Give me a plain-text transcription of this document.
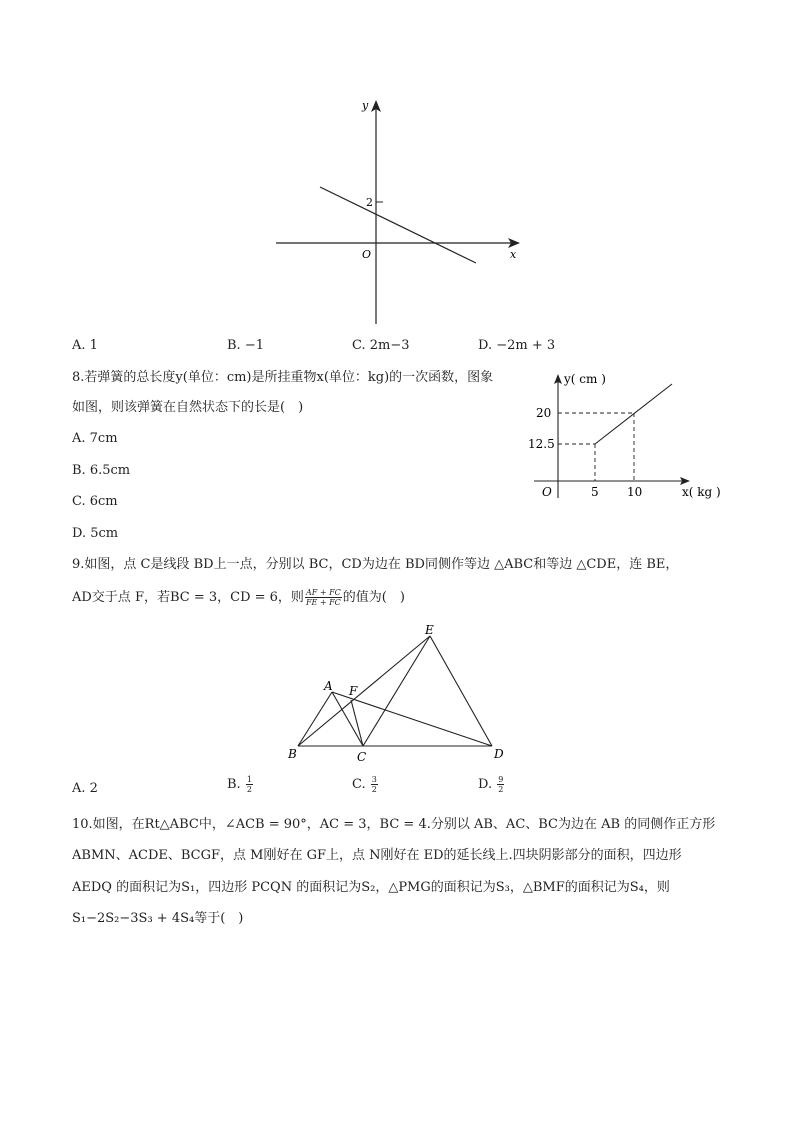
y
x
O
2
A. 1	B. −1	C. 2m−3	D. −2m + 3
8.若弹簧的总长度y(单位：cm)是所挂重物x(单位：kg)的一次函数，图象
如图，则该弹簧在自然状态下的长是(　)
A. 7cm
B. 6.5cm
C. 6cm
D. 5cm
y( cm )
x( kg )
O
20
12.5
5 10
9.如图，点 C是线段 BD上一点，分别以 BC，CD为边在 BD同侧作等边 △ABC和等边 △CDE，连 BE，
AD交于点 F，若BC = 3，CD = 6，则 $\frac{AF + FC}{FE + FC}$ 的值为(　)
E
A F
B	C	D
A. 2	B. $\frac{1}{2}$	C. $\frac{3}{2}$	D. $\frac{9}{2}$
10.如图，在Rt△ABC中，∠ACB = 90°，AC = 3，BC = 4.分别以 AB、AC、BC为边在 AB 的同侧作正方形
ABMN、ACDE、BCGF，点 M刚好在 GF上，点 N刚好在 ED的延长线上.四块阴影部分的面积，四边形
AEDQ 的面积记为S₁，四边形 PCQN 的面积记为S₂，△PMG的面积记为S₃，△BMF的面积记为S₄，则
S₁−2S₂−3S₃ + 4S₄等于(　)
